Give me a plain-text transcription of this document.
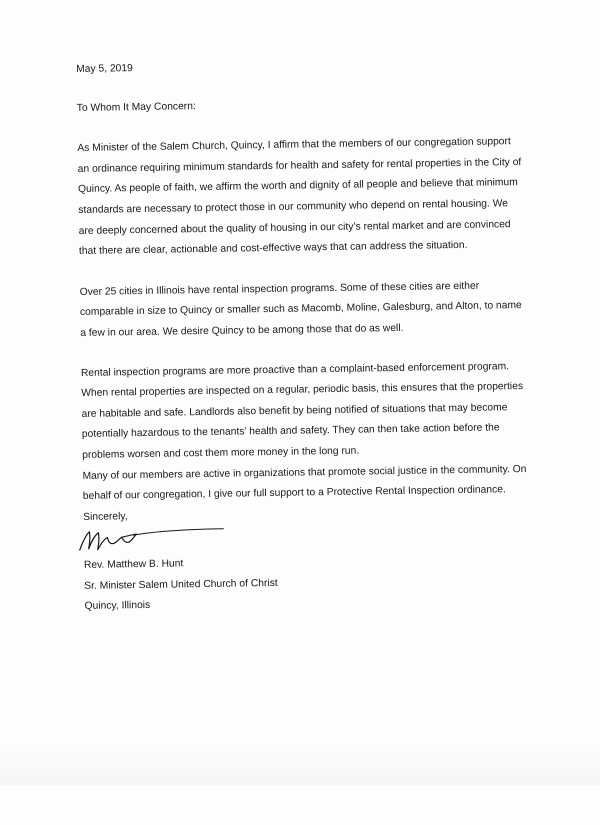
May 5, 2019

To Whom It May Concern:

As Minister of the Salem Church, Quincy, I affirm that the members of our congregation support an ordinance requiring minimum standards for health and safety for rental properties in the City of Quincy. As people of faith, we affirm the worth and dignity of all people and believe that minimum standards are necessary to protect those in our community who depend on rental housing. We are deeply concerned about the quality of housing in our city’s rental market and are convinced that there are clear, actionable and cost-effective ways that can address the situation.

Over 25 cities in Illinois have rental inspection programs. Some of these cities are either comparable in size to Quincy or smaller such as Macomb, Moline, Galesburg, and Alton, to name a few in our area. We desire Quincy to be among those that do as well.

Rental inspection programs are more proactive than a complaint-based enforcement program. When rental properties are inspected on a regular, periodic basis, this ensures that the properties are habitable and safe. Landlords also benefit by being notified of situations that may become potentially hazardous to the tenants’ health and safety. They can then take action before the problems worsen and cost them more money in the long run.

Many of our members are active in organizations that promote social justice in the community. On behalf of our congregation, I give our full support to a Protective Rental Inspection ordinance.

Sincerely,

Rev. Matthew B. Hunt

Sr. Minister Salem United Church of Christ

Quincy, Illinois
